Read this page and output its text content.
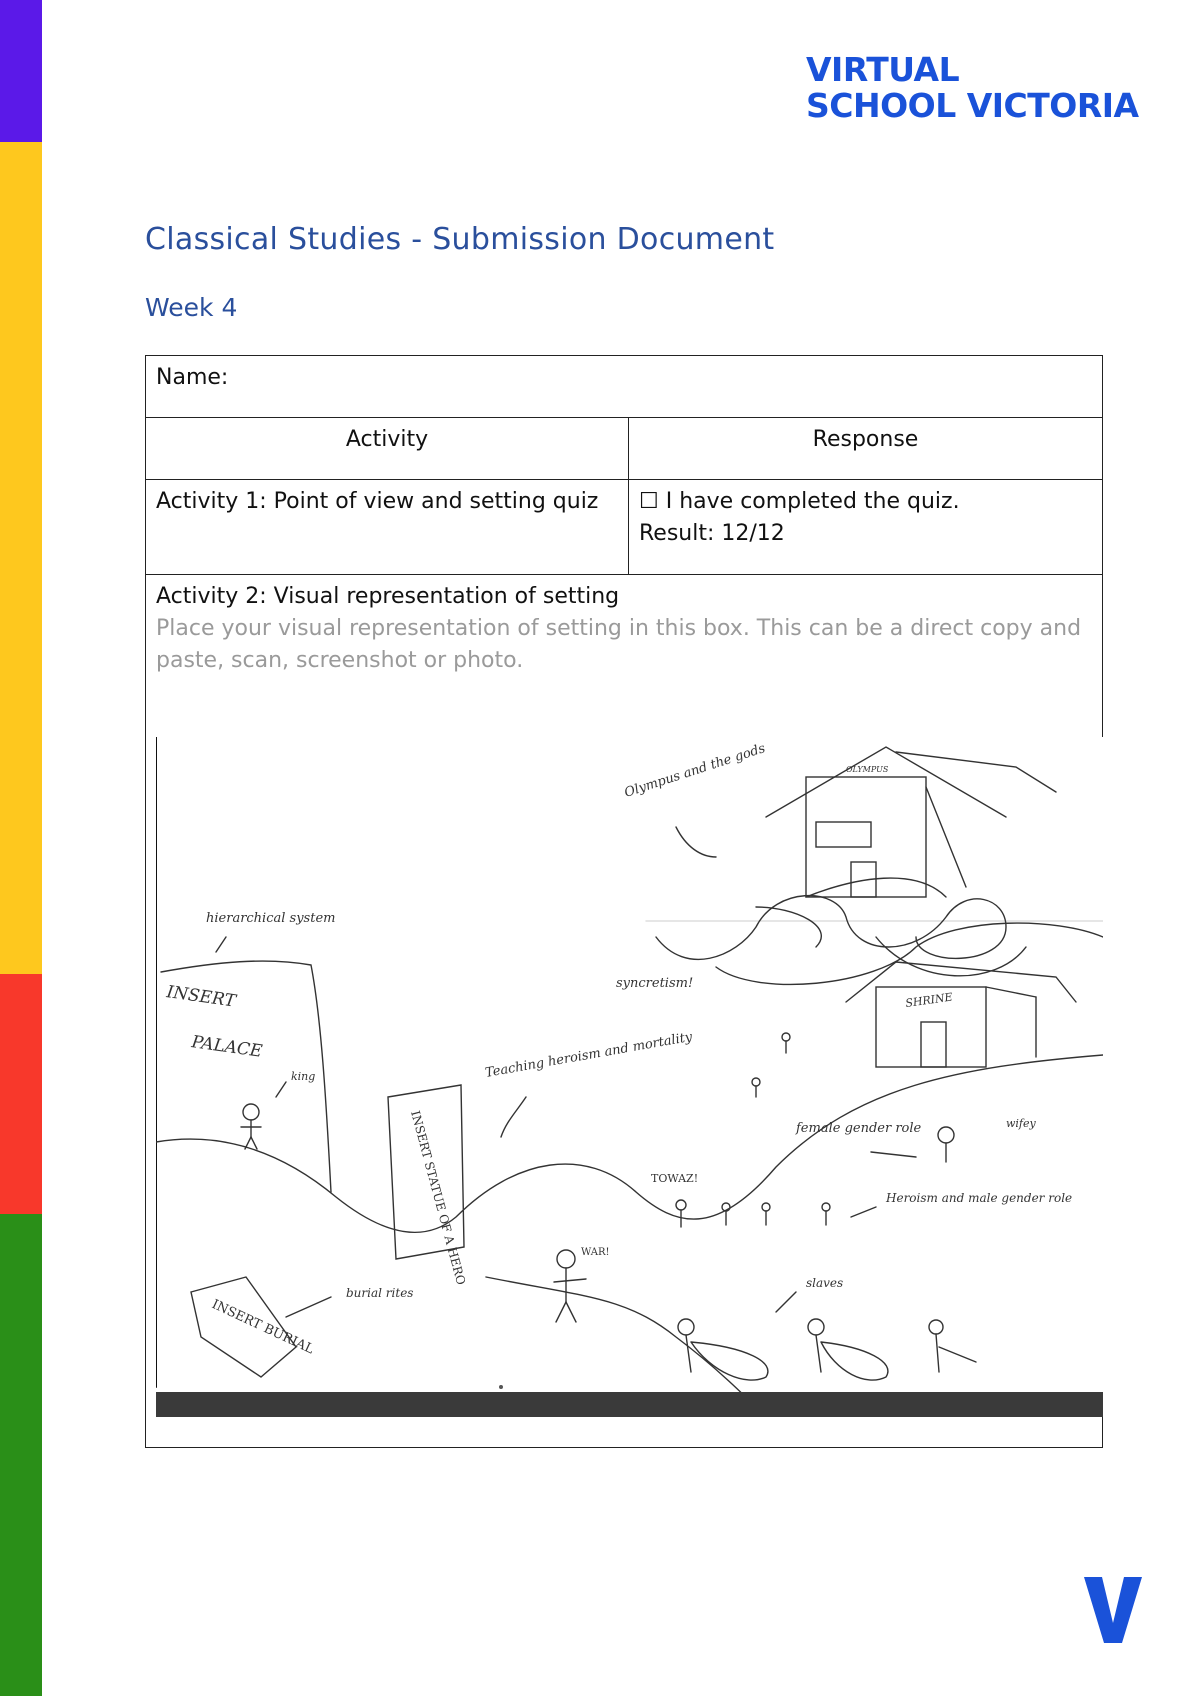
VIRTUAL
SCHOOL VICTORIA
Classical Studies - Submission Document
Week 4
Name:	
Activity	Response
Activity 1: Point of view and setting quiz	☐ I have completed the quiz.
Result: 12/12

Activity 2: Visual representation of setting
Place your visual representation of setting in this box. This can be a direct copy and paste, scan, screenshot or photo.	
Olympus and the gods	OLYMPUS
hierarchical system
INSERT
PALACE
king
syncretism!
SHRINE
Teaching heroism and mortality
INSERT STATUE OF A HERO	female gender role	wifey
TOWAZ!
Heroism and male gender role
WAR!
burial rites
INSERT BURIAL
slaves
